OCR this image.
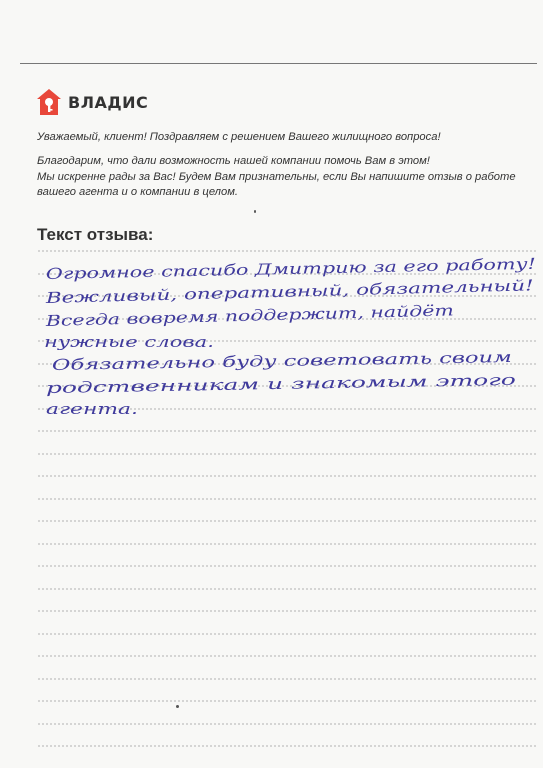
ВЛАДИС
Уважаемый, клиент! Поздравляем с решением Вашего жилищного вопроса!
Благодарим, что дали возможность нашей компании помочь Вам в этом!
Мы искренне рады за Вас! Будем Вам признательны, если Вы напишите отзыв о работе
вашего агента и о компании в целом.
Текст отзыва:
Огромное спасибо Дмитрию за его работу!
Вежливый, оперативный, обязательный!
Всегда вовремя поддержит, найдёт
нужные слова.
Обязательно буду советовать своим
родственникам и знакомым этого
агента.
